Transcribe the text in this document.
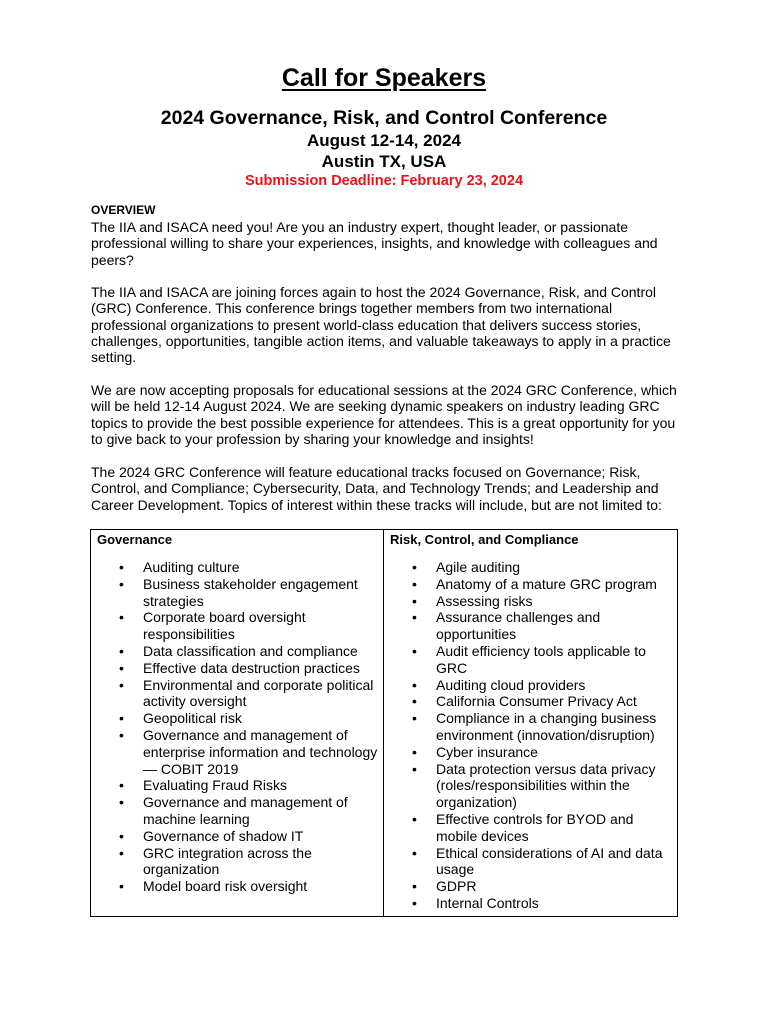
Call for Speakers
2024 Governance, Risk, and Control Conference
August 12-14, 2024
Austin TX, USA
Submission Deadline: February 23, 2024
OVERVIEW

The IIA and ISACA need you! Are you an industry expert, thought leader, or passionate professional willing to share your experiences, insights, and knowledge with colleagues and peers?

The IIA and ISACA are joining forces again to host the 2024 Governance, Risk, and Control (GRC) Conference. This conference brings together members from two international professional organizations to present world-class education that delivers success stories, challenges, opportunities, tangible action items, and valuable takeaways to apply in a practice setting.

We are now accepting proposals for educational sessions at the 2024 GRC Conference, which will be held 12-14 August 2024. We are seeking dynamic speakers on industry leading GRC topics to provide the best possible experience for attendees. This is a great opportunity for you to give back to your profession by sharing your knowledge and insights!

The 2024 GRC Conference will feature educational tracks focused on Governance; Risk, Control, and Compliance; Cybersecurity, Data, and Technology Trends; and Leadership and Career Development. Topics of interest within these tracks will include, but are not limited to:

Governance
• Auditing culture
• Business stakeholder engagement strategies
• Corporate board oversight responsibilities
• Data classification and compliance
• Effective data destruction practices
• Environmental and corporate political activity oversight
• Geopolitical risk
• Governance and management of enterprise information and technology — COBIT 2019
• Evaluating Fraud Risks
• Governance and management of machine learning
• Governance of shadow IT
• GRC integration across the organization
• Model board risk oversight

Risk, Control, and Compliance
• Agile auditing
• Anatomy of a mature GRC program
• Assessing risks
• Assurance challenges and opportunities
• Audit efficiency tools applicable to GRC
• Auditing cloud providers
• California Consumer Privacy Act
• Compliance in a changing business environment (innovation/disruption)
• Cyber insurance
• Data protection versus data privacy (roles/responsibilities within the organization)
• Effective controls for BYOD and mobile devices
• Ethical considerations of AI and data usage
• GDPR
• Internal Controls
